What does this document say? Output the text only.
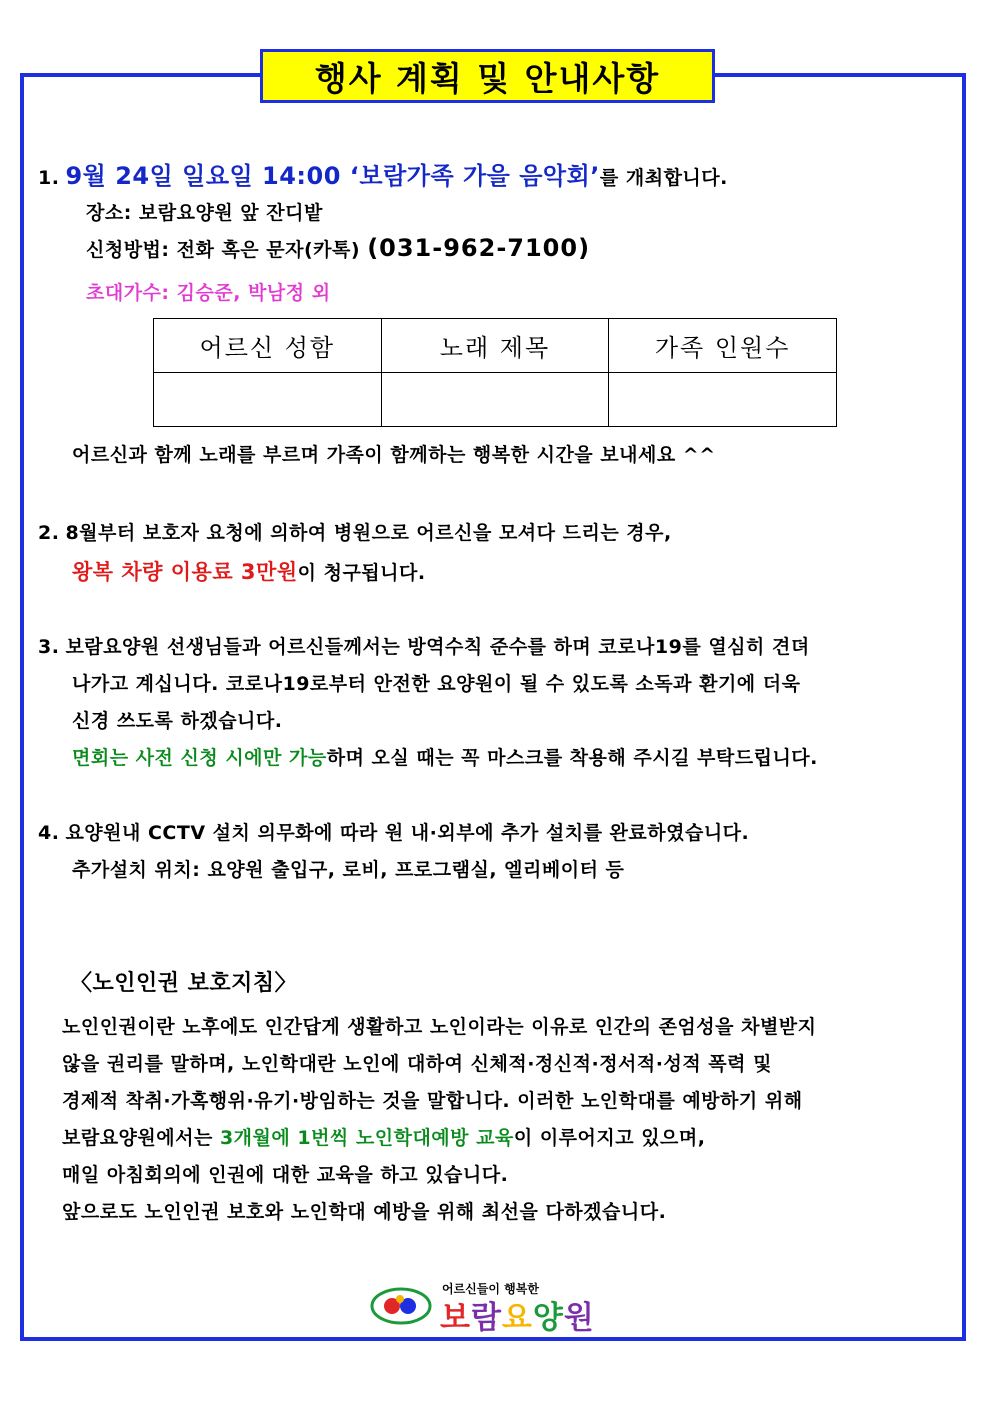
행사 계획 및 안내사항
1. 9월 24일 일요일 14:00 ‘보람가족 가을 음악회’를 개최합니다.
장소: 보람요양원 앞 잔디밭
신청방법: 전화 혹은 문자(카톡) (031-962-7100)
초대가수: 김승준, 박남정 외
어르신 성함	노래 제목	가족 인원수

어르신과 함께 노래를 부르며 가족이 함께하는 행복한 시간을 보내세요 ^^
2. 8월부터 보호자 요청에 의하여 병원으로 어르신을 모셔다 드리는 경우,
왕복 차량 이용료 3만원이 청구됩니다.
3. 보람요양원 선생님들과 어르신들께서는 방역수칙 준수를 하며 코로나19를 열심히 견뎌
나가고 계십니다. 코로나19로부터 안전한 요양원이 될 수 있도록 소독과 환기에 더욱
신경 쓰도록 하겠습니다.
면회는 사전 신청 시에만 가능하며 오실 때는 꼭 마스크를 착용해 주시길 부탁드립니다.
4. 요양원내 CCTV 설치 의무화에 따라 원 내·외부에 추가 설치를 완료하였습니다.
추가설치 위치: 요양원 출입구, 로비, 프로그램실, 엘리베이터 등
〈노인인권 보호지침〉
노인인권이란 노후에도 인간답게 생활하고 노인이라는 이유로 인간의 존엄성을 차별받지
않을 권리를 말하며, 노인학대란 노인에 대하여 신체적·정신적·정서적·성적 폭력 및
경제적 착취·가혹행위·유기·방임하는 것을 말합니다. 이러한 노인학대를 예방하기 위해
보람요양원에서는 3개월에 1번씩 노인학대예방 교육이 이루어지고 있으며,
매일 아침회의에 인권에 대한 교육을 하고 있습니다.
앞으로도 노인인권 보호와 노인학대 예방을 위해 최선을 다하겠습니다.
어르신들이 행복한
보람요양원
